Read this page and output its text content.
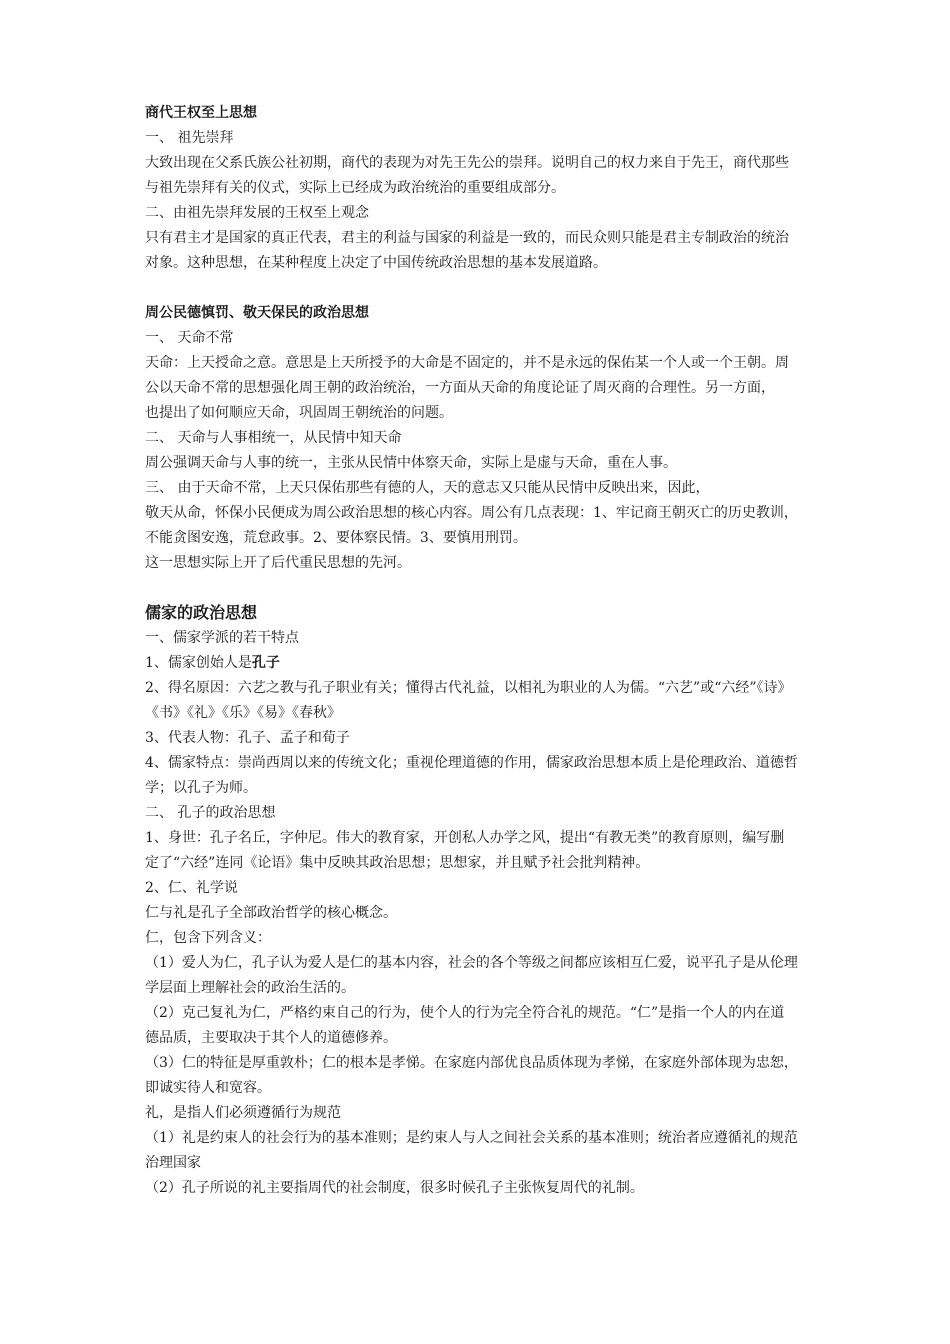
商代王权至上思想

一、 祖先崇拜

大致出现在父系氏族公社初期，商代的表现为对先王先公的崇拜。说明自己的权力来自于先王，商代那些

与祖先崇拜有关的仪式，实际上已经成为政治统治的重要组成部分。

二、由祖先崇拜发展的王权至上观念

只有君主才是国家的真正代表，君主的利益与国家的利益是一致的，而民众则只能是君主专制政治的统治

对象。这种思想，在某种程度上决定了中国传统政治思想的基本发展道路。

周公民德慎罚、敬天保民的政治思想

一、 天命不常

天命：上天授命之意。意思是上天所授予的大命是不固定的，并不是永远的保佑某一个人或一个王朝。周

公以天命不常的思想强化周王朝的政治统治，一方面从天命的角度论证了周灭商的合理性。另一方面，

也提出了如何顺应天命，巩固周王朝统治的问题。

二、 天命与人事相统一，从民情中知天命

周公强调天命与人事的统一，主张从民情中体察天命，实际上是虚与天命，重在人事。

三、 由于天命不常，上天只保佑那些有德的人，天的意志又只能从民情中反映出来，因此，

敬天从命，怀保小民便成为周公政治思想的核心内容。周公有几点表现：1、牢记商王朝灭亡的历史教训，

不能贪图安逸，荒怠政事。2、要体察民情。3、要慎用刑罚。

这一思想实际上开了后代重民思想的先河。

儒家的政治思想

一、儒家学派的若干特点

1、儒家创始人是孔子

2、得名原因：六艺之教与孔子职业有关；懂得古代礼益，以相礼为职业的人为儒。“六艺”或“六经”《诗》

《书》《礼》《乐》《易》《春秋》

3、代表人物：孔子、孟子和荀子

4、儒家特点：崇尚西周以来的传统文化；重视伦理道德的作用，儒家政治思想本质上是伦理政治、道德哲

学；以孔子为师。

二、 孔子的政治思想

1、身世：孔子名丘，字仲尼。伟大的教育家，开创私人办学之风，提出“有教无类”的教育原则，编写删

定了“六经”连同《论语》集中反映其政治思想；思想家，并且赋予社会批判精神。

2、仁、礼学说

仁与礼是孔子全部政治哲学的核心概念。

仁，包含下列含义：

（1）爱人为仁，孔子认为爱人是仁的基本内容，社会的各个等级之间都应该相互仁爱，说平孔子是从伦理

学层面上理解社会的政治生活的。

（2）克己复礼为仁，严格约束自己的行为，使个人的行为完全符合礼的规范。“仁”是指一个人的内在道

德品质，主要取决于其个人的道德修养。

（3）仁的特征是厚重敦朴；仁的根本是孝悌。在家庭内部优良品质体现为孝悌，在家庭外部体现为忠恕，

即诚实待人和宽容。

礼，是指人们必须遵循行为规范

（1）礼是约束人的社会行为的基本准则；是约束人与人之间社会关系的基本准则；统治者应遵循礼的规范

治理国家

（2）孔子所说的礼主要指周代的社会制度，很多时候孔子主张恢复周代的礼制。
